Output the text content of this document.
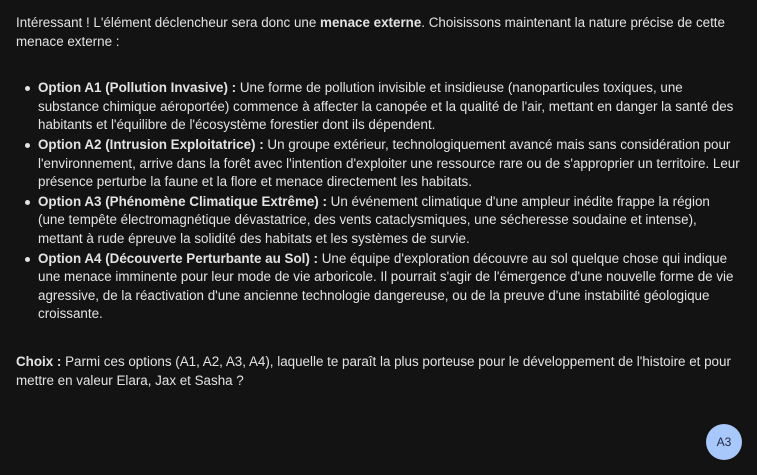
Intéressant ! L'élément déclencheur sera donc une menace externe. Choisissons maintenant la nature précise de cette menace externe :

Option A1 (Pollution Invasive) : Une forme de pollution invisible et insidieuse (nanoparticules toxiques, une substance chimique aéroportée) commence à affecter la canopée et la qualité de l'air, mettant en danger la santé des habitants et l'équilibre de l'écosystème forestier dont ils dépendent.
Option A2 (Intrusion Exploitatrice) : Un groupe extérieur, technologiquement avancé mais sans considération pour l'environnement, arrive dans la forêt avec l'intention d'exploiter une ressource rare ou de s'approprier un territoire. Leur présence perturbe la faune et la flore et menace directement les habitats.
Option A3 (Phénomène Climatique Extrême) : Un événement climatique d'une ampleur inédite frappe la région (une tempête électromagnétique dévastatrice, des vents cataclysmiques, une sécheresse soudaine et intense), mettant à rude épreuve la solidité des habitats et les systèmes de survie.
Option A4 (Découverte Perturbante au Sol) : Une équipe d'exploration découvre au sol quelque chose qui indique une menace imminente pour leur mode de vie arboricole. Il pourrait s'agir de l'émergence d'une nouvelle forme de vie agressive, de la réactivation d'une ancienne technologie dangereuse, ou de la preuve d'une instabilité géologique croissante.

Choix : Parmi ces options (A1, A2, A3, A4), laquelle te paraît la plus porteuse pour le développement de l'histoire et pour mettre en valeur Elara, Jax et Sasha ?

A3
